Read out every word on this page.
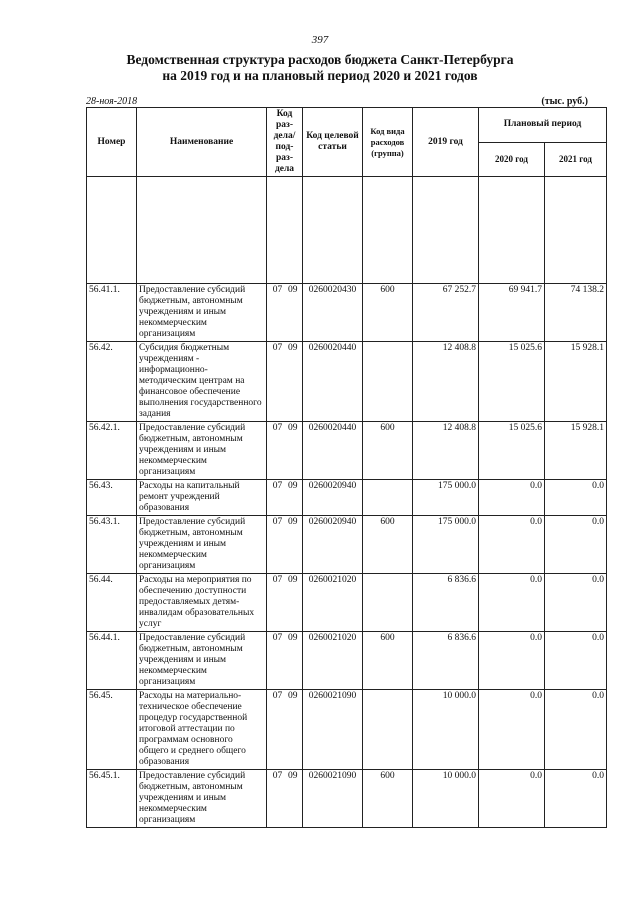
397
Ведомственная структура расходов бюджета Санкт-Петербурга
на 2019 год и на плановый период 2020 и 2021 годов
28-ноя-2018	(тыс. руб.)
Номер	Наименование	Код раз-дела/ под-раз-дела	Код целевой статьи	Код вида расходов (группа)	2019 год	Плановый период	
						2020 год	2021 год

56.41.1.	Предоставление субсидий бюджетным, автономным учреждениям и иным некоммерческим организациям	07 09	0260020430	600	67 252.7	69 941.7	74 138.2
56.42.	Субсидия бюджетным учреждениям - информационно-методическим центрам на финансовое обеспечение выполнения государственного задания	07 09	0260020440		12 408.8	15 025.6	15 928.1
56.42.1.	Предоставление субсидий бюджетным, автономным учреждениям и иным некоммерческим организациям	07 09	0260020440	600	12 408.8	15 025.6	15 928.1
56.43.	Расходы на капитальный ремонт учреждений образования	07 09	0260020940		175 000.0	0.0	0.0
56.43.1.	Предоставление субсидий бюджетным, автономным учреждениям и иным некоммерческим организациям	07 09	0260020940	600	175 000.0	0.0	0.0
56.44.	Расходы на мероприятия по обеспечению доступности предоставляемых детям-инвалидам образовательных услуг	07 09	0260021020		6 836.6	0.0	0.0
56.44.1.	Предоставление субсидий бюджетным, автономным учреждениям и иным некоммерческим организациям	07 09	0260021020	600	6 836.6	0.0	0.0
56.45.	Расходы на материально-техническое обеспечение процедур государственной итоговой аттестации по программам основного общего и среднего общего образования	07 09	0260021090		10 000.0	0.0	0.0
56.45.1.	Предоставление субсидий бюджетным, автономным учреждениям и иным некоммерческим организациям	07 09	0260021090	600	10 000.0	0.0	0.0
